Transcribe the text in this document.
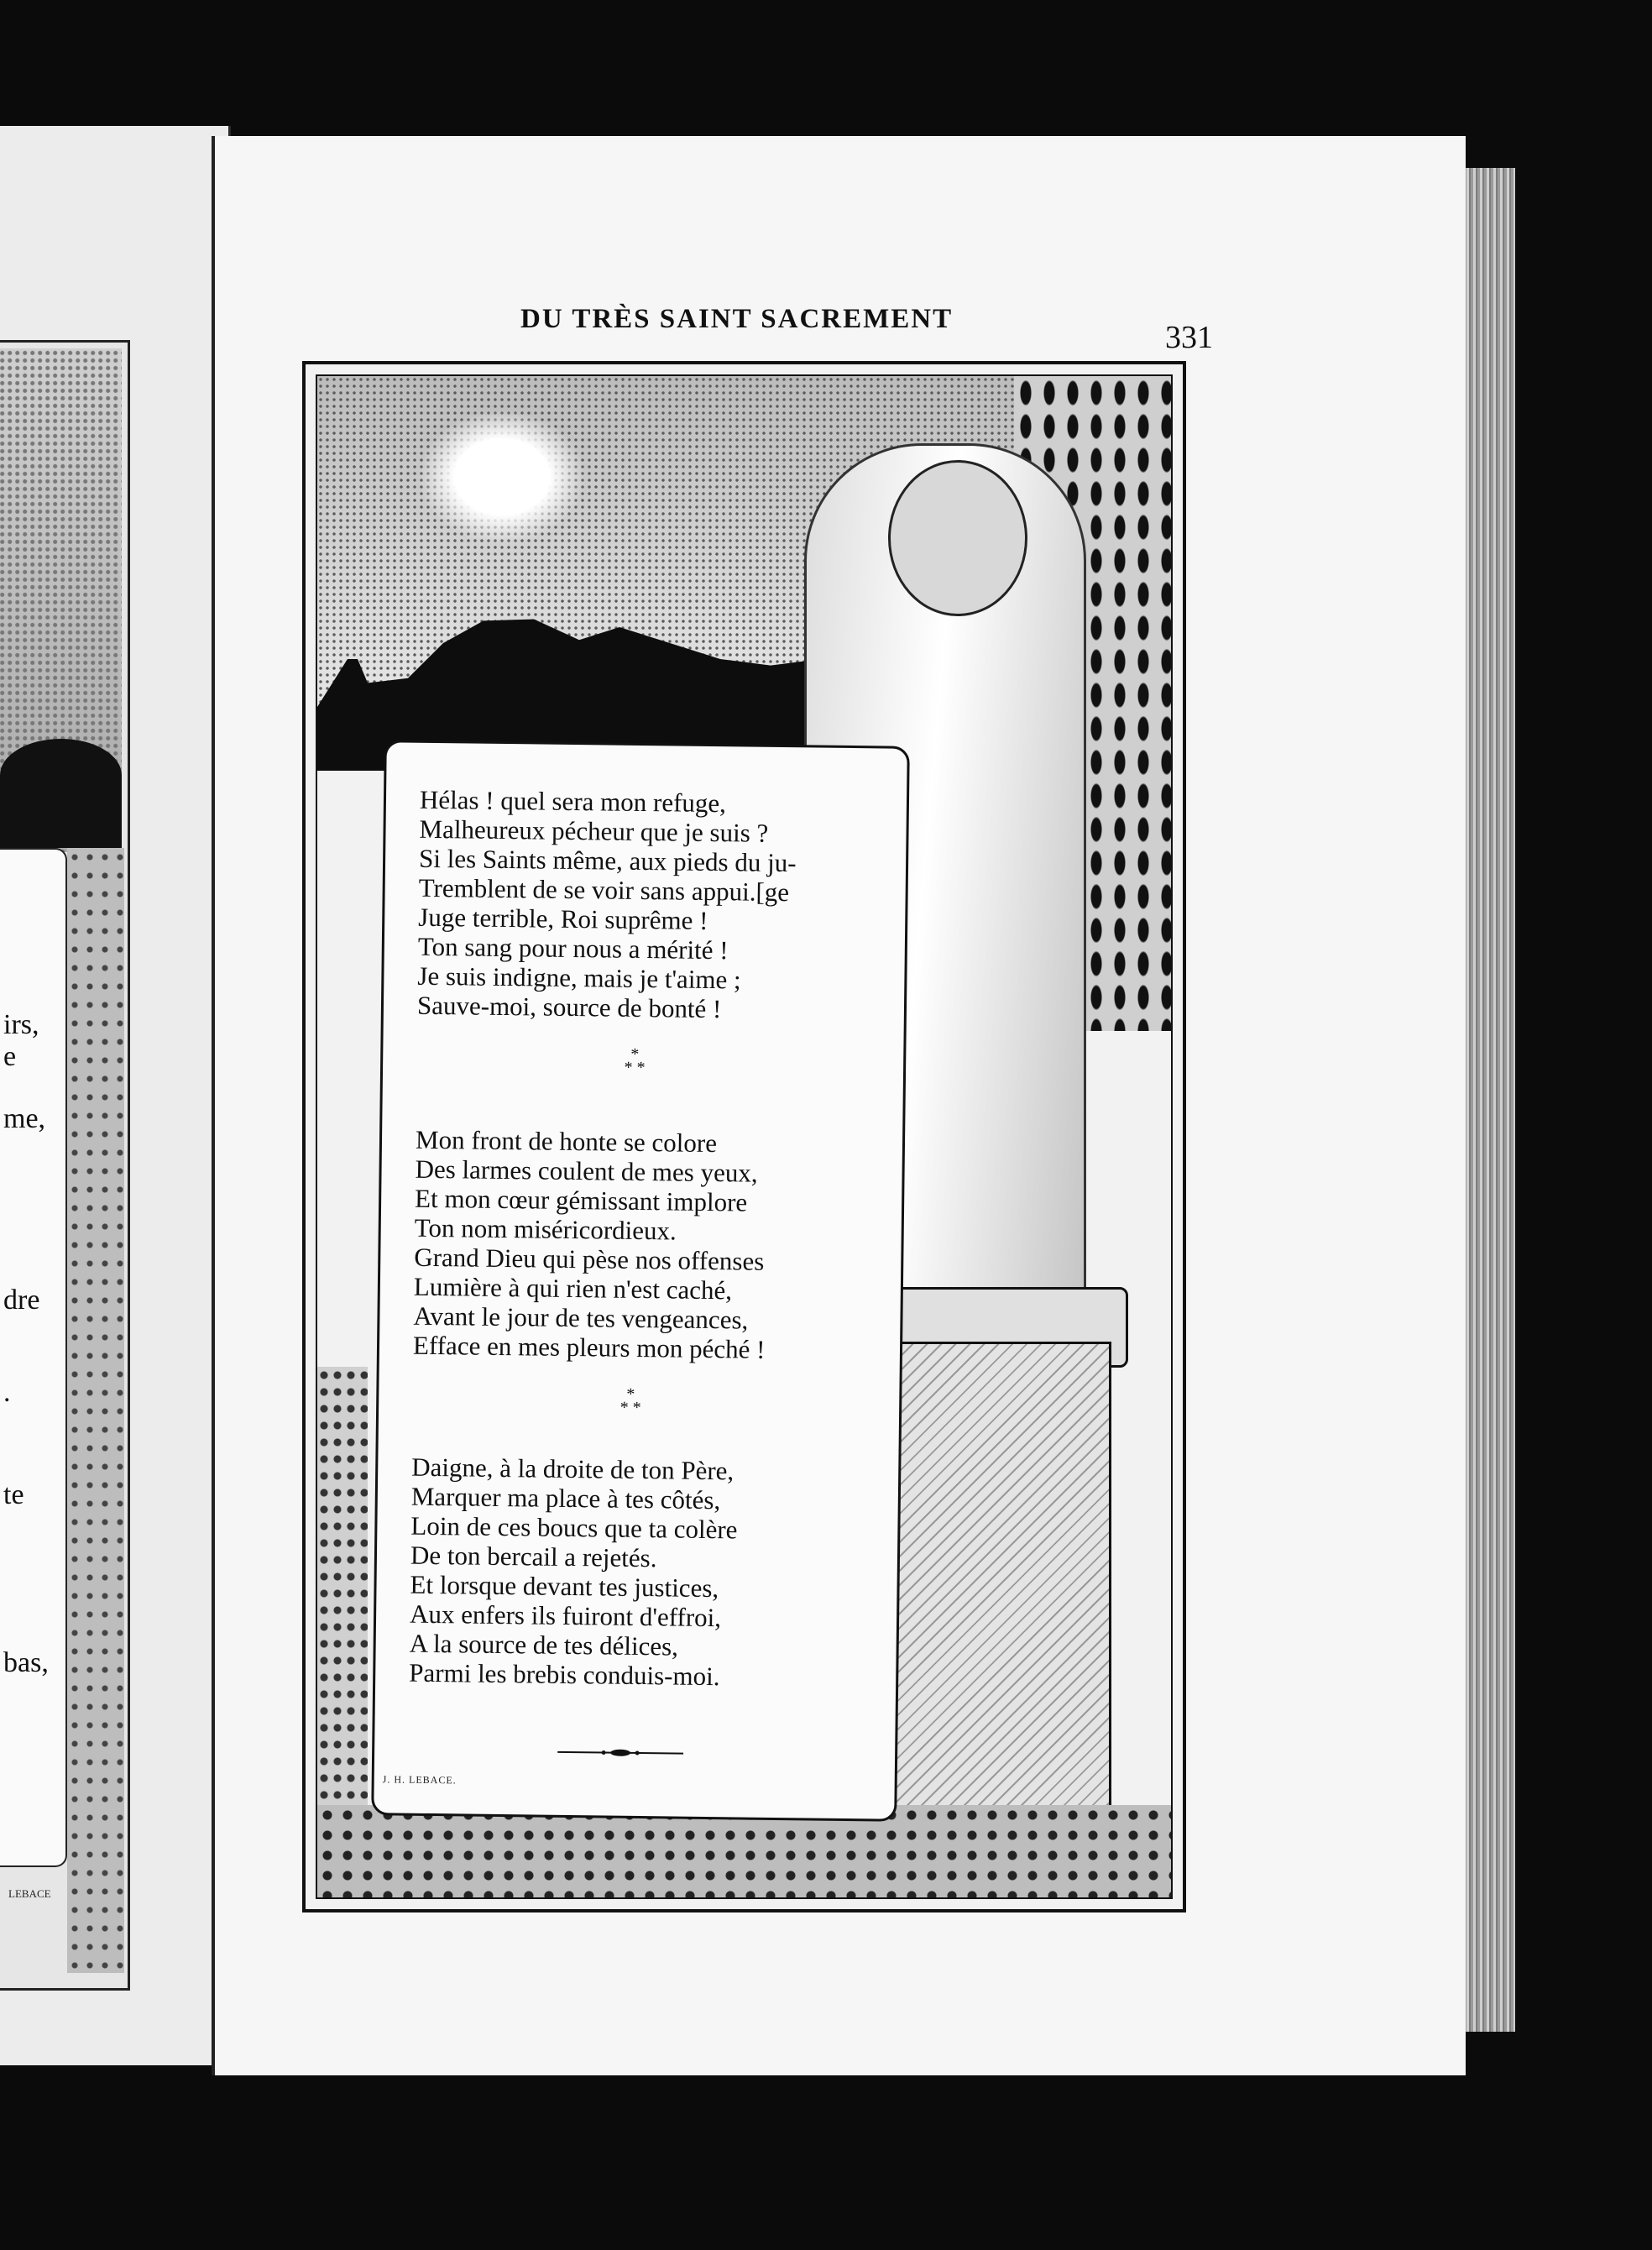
irs,
e
me,
dre
.
te
bas,
LEBACE
DU TRÈS SAINT SACREMENT
331
Hélas ! quel sera mon refuge,
Malheureux pécheur que je suis ?
Si les Saints même, aux pieds du ju-
Tremblent de se voir sans appui.[ge
Juge terrible, Roi suprême !
Ton sang pour nous a mérité !
Je suis indigne, mais je t'aime ;
Sauve-moi, source de bonté !
*
* *
Mon front de honte se colore
Des larmes coulent de mes yeux,
Et mon cœur gémissant implore
Ton nom miséricordieux.
Grand Dieu qui pèse nos offenses
Lumière à qui rien n'est caché,
Avant le jour de tes vengeances,
Efface en mes pleurs mon péché !
*
* *
Daigne, à la droite de ton Père,
Marquer ma place à tes côtés,
Loin de ces boucs que ta colère
De ton bercail a rejetés.
Et lorsque devant tes justices,
Aux enfers ils fuiront d'effroi,
A la source de tes délices,
Parmi les brebis conduis-moi.
J. H. LEBACE.
